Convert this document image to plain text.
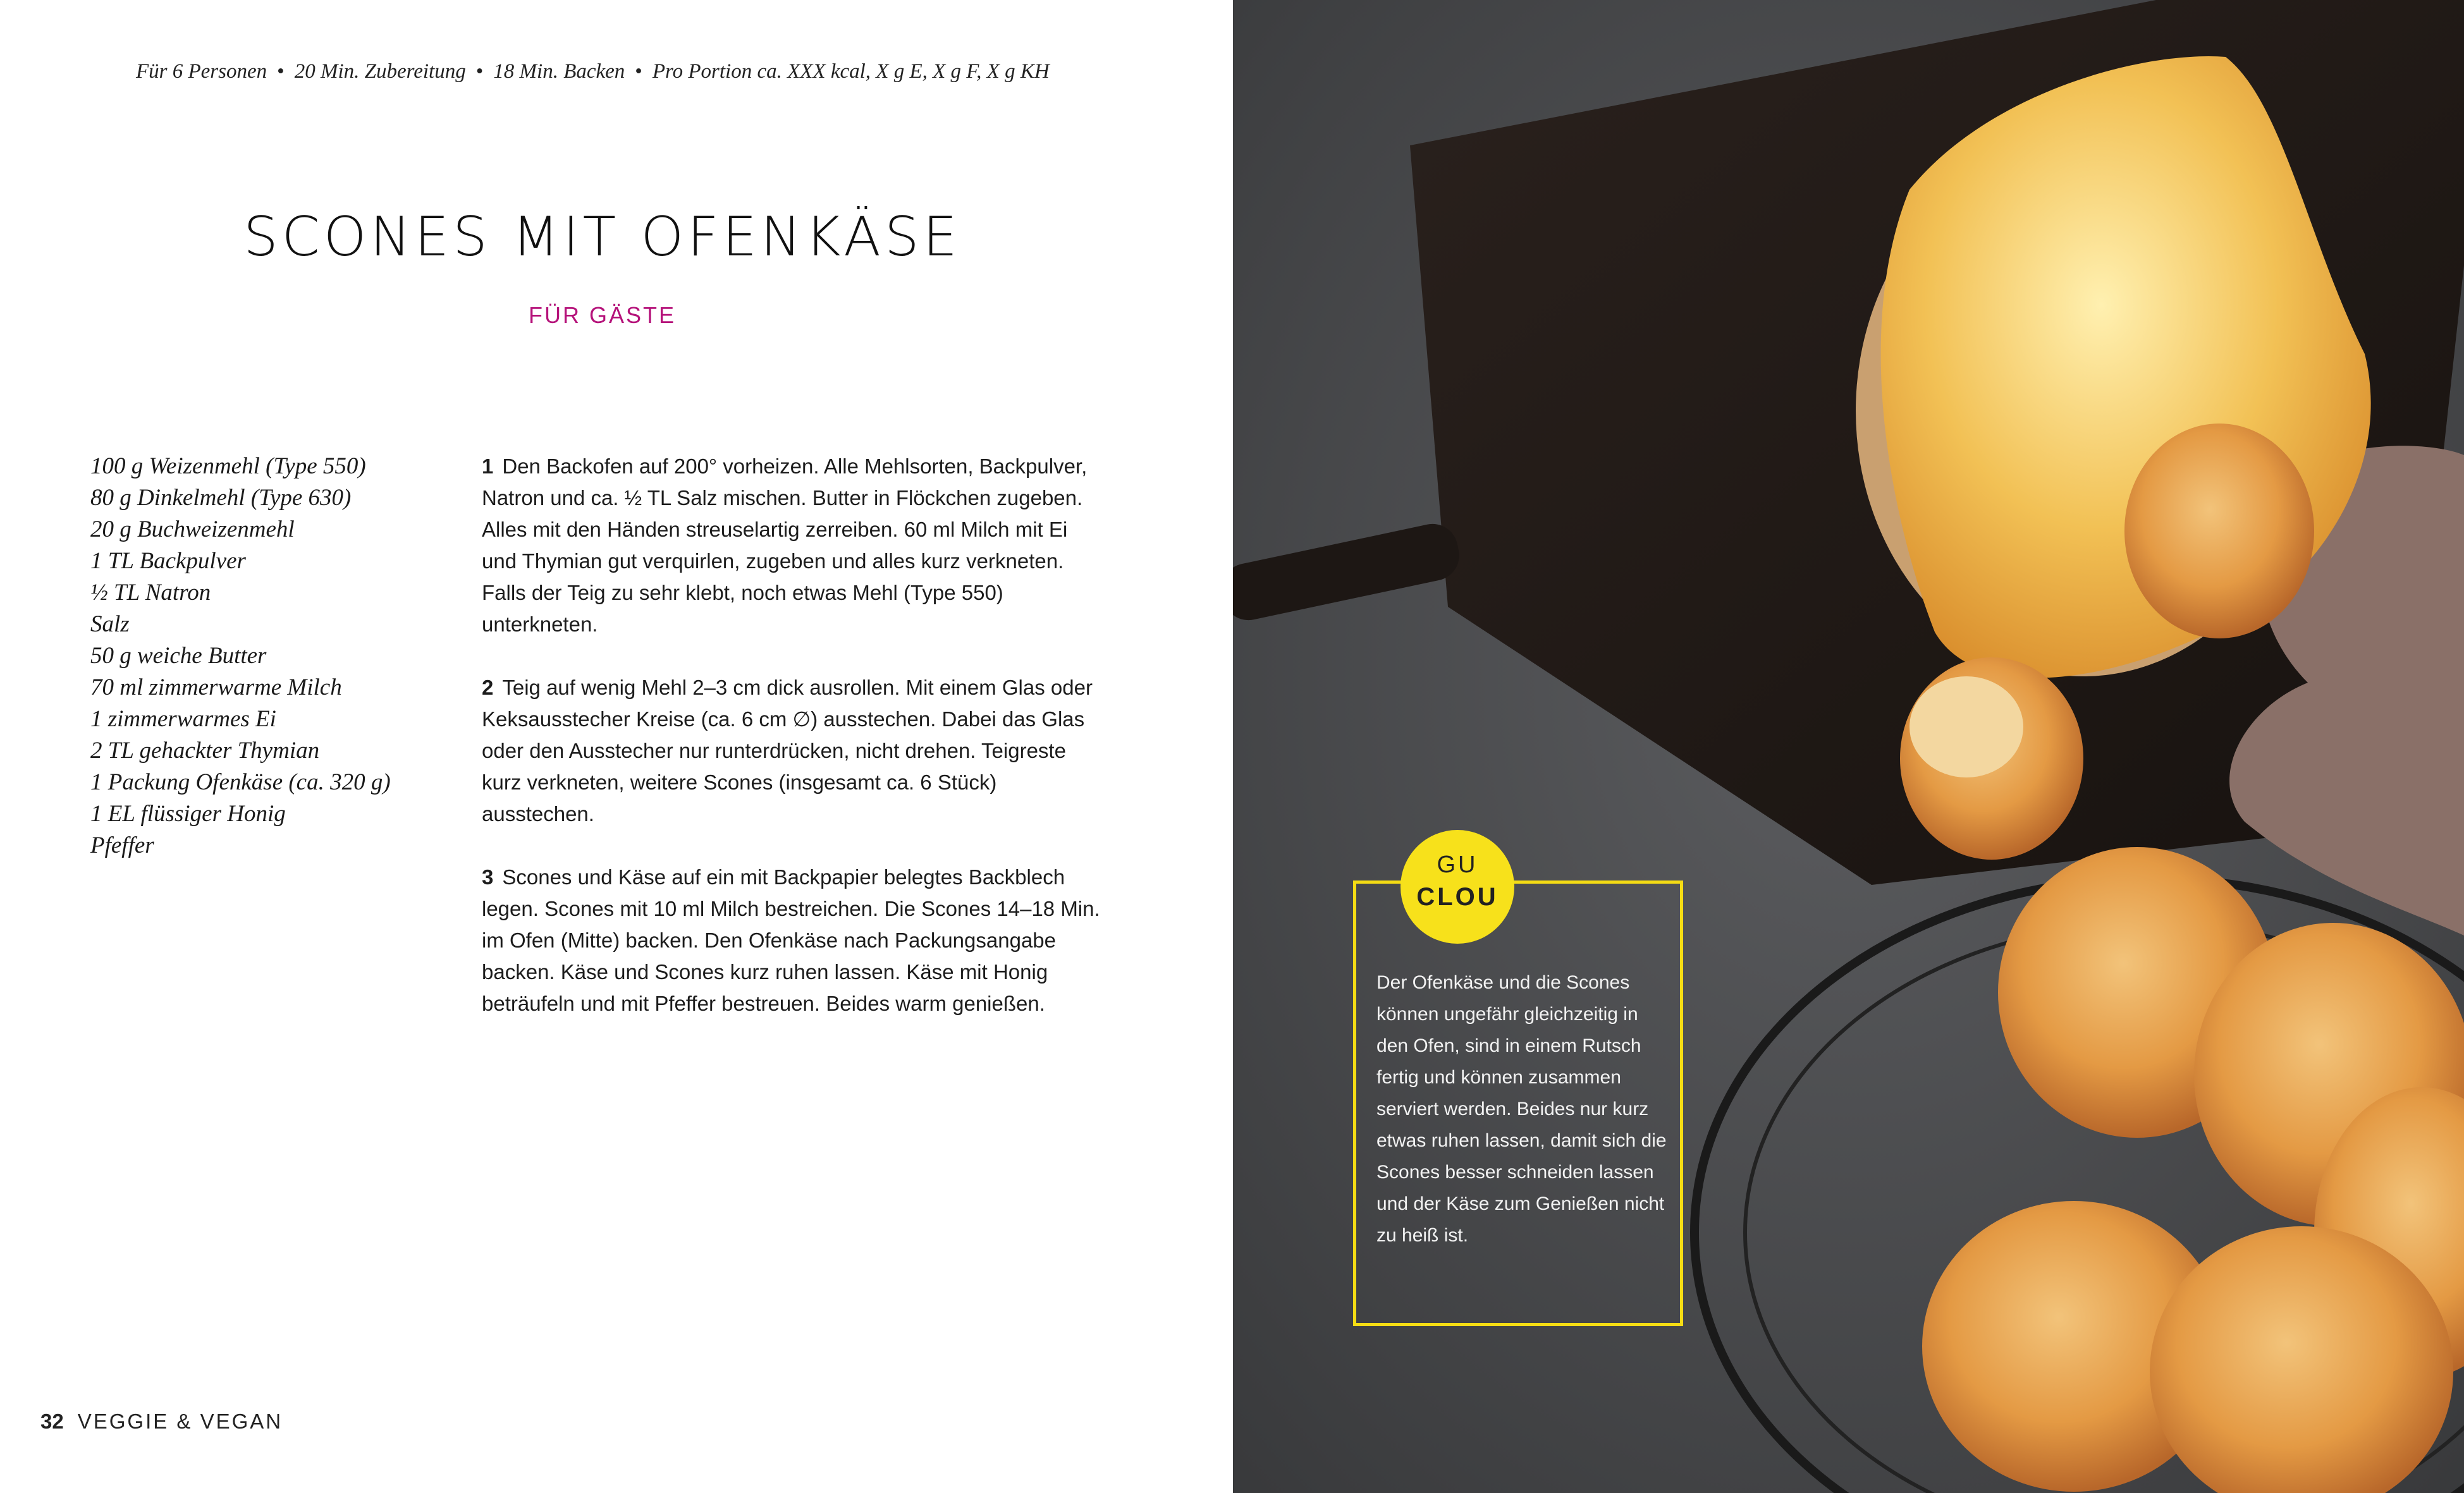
Für 6 Personen • 20 Min. Zubereitung • 18 Min. Backen • Pro Portion ca. XXX kcal, X g E, X g F, X g KH
SCONES MIT OFENKÄSE
FÜR GÄSTE
100 g Weizenmehl (Type 550)
80 g Dinkelmehl (Type 630)
20 g Buchweizenmehl
1 TL Backpulver
½ TL Natron
Salz
50 g weiche Butter
70 ml zimmerwarme Milch
1 zimmerwarmes Ei
2 TL gehackter Thymian
1 Packung Ofenkäse (ca. 320 g)
1 EL flüssiger Honig
Pfeffer

1 Den Backofen auf 200° vorheizen. Alle Mehlsorten, Backpulver, Natron und ca. ½ TL Salz mischen. Butter in Flöckchen zugeben. Alles mit den Händen streuselartig zerreiben. 60 ml Milch mit Ei und Thymian gut verquirlen, zugeben und alles kurz verkneten. Falls der Teig zu sehr klebt, noch etwas Mehl (Type 550) unterkneten.

2 Teig auf wenig Mehl 2–3 cm dick ausrollen. Mit einem Glas oder Keksausstecher Kreise (ca. 6 cm ∅) ausstechen. Dabei das Glas oder den Ausstecher nur runterdrücken, nicht drehen. Teigreste kurz verkneten, weitere Scones (insgesamt ca. 6 Stück) ausstechen.

3 Scones und Käse auf ein mit Backpapier belegtes Backblech legen. Scones mit 10 ml Milch bestreichen. Die Scones 14–18 Min. im Ofen (Mitte) backen. Den Ofenkäse nach Packungsangabe backen. Käse und Scones kurz ruhen lassen. Käse mit Honig beträufeln und mit Pfeffer bestreuen. Beides warm genießen.

32 VEGGIE & VEGAN
GU
CLOU
Der Ofenkäse und die Scones können ungefähr gleichzeitig in den Ofen, sind in einem Rutsch fertig und können zusammen serviert werden. Beides nur kurz etwas ruhen lassen, damit sich die Scones besser schneiden lassen und der Käse zum Genießen nicht zu heiß ist.
